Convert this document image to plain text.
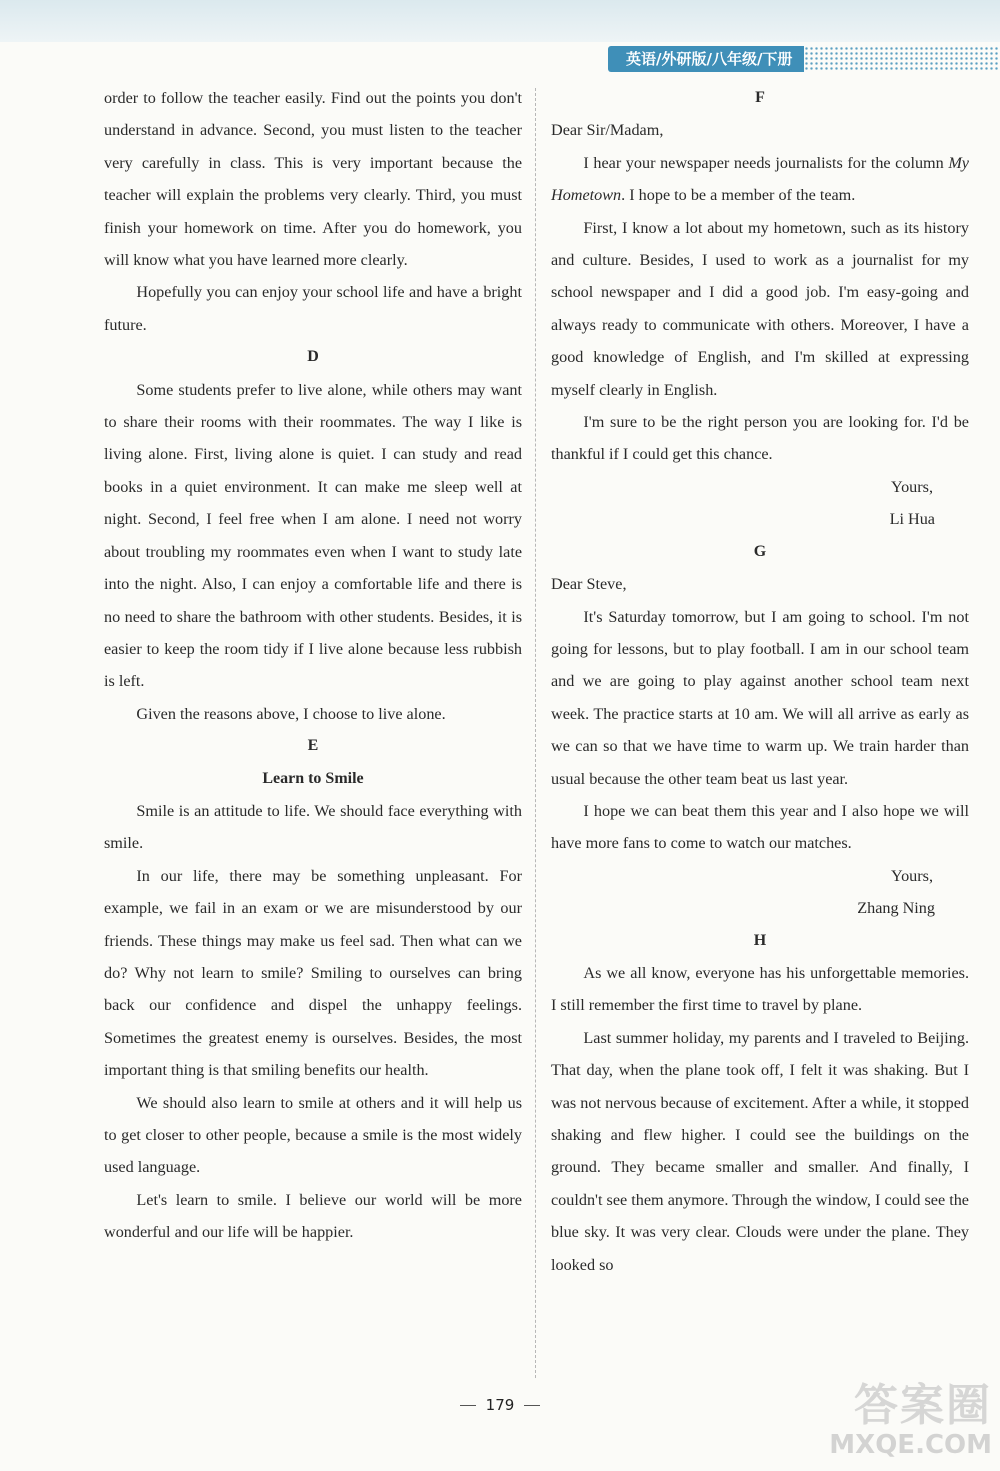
英语/外研版/八年级/下册

order to follow the teacher easily. Find out the points you don't understand in advance. Second, you must listen to the teacher very carefully in class. This is very important because the teacher will explain the problems very clearly. Third, you must finish your homework on time. After you do homework, you will know what you have learned more clearly.

Hopefully you can enjoy your school life and have a bright future.

D

Some students prefer to live alone, while others may want to share their rooms with their roommates. The way I like is living alone. First, living alone is quiet. I can study and read books in a quiet environment. It can make me sleep well at night. Second, I feel free when I am alone. I need not worry about troubling my roommates even when I want to study late into the night. Also, I can enjoy a comfortable life and there is no need to share the bathroom with other students. Besides, it is easier to keep the room tidy if I live alone because less rubbish is left.

Given the reasons above, I choose to live alone.

E

Learn to Smile

Smile is an attitude to life. We should face everything with smile.

In our life, there may be something unpleasant. For example, we fail in an exam or we are misunderstood by our friends. These things may make us feel sad. Then what can we do? Why not learn to smile? Smiling to ourselves can bring back our confidence and dispel the unhappy feelings. Sometimes the greatest enemy is ourselves. Besides, the most important thing is that smiling benefits our health.

We should also learn to smile at others and it will help us to get closer to other people, because a smile is the most widely used language.

Let's learn to smile. I believe our world will be more wonderful and our life will be happier.

F

Dear Sir/Madam,

I hear your newspaper needs journalists for the column My Hometown. I hope to be a member of the team.

First, I know a lot about my hometown, such as its history and culture. Besides, I used to work as a journalist for my school newspaper and I did a good job. I'm easy-going and always ready to communicate with others. Moreover, I have a good knowledge of English, and I'm skilled at expressing myself clearly in English.

I'm sure to be the right person you are looking for. I'd be thankful if I could get this chance.

Yours,

Li Hua

G

Dear Steve,

It's Saturday tomorrow, but I am going to school. I'm not going for lessons, but to play football. I am in our school team and we are going to play against another school team next week. The practice starts at 10 am. We will all arrive as early as we can so that we have time to warm up. We train harder than usual because the other team beat us last year.

I hope we can beat them this year and I also hope we will have more fans to come to watch our matches.

Yours,

Zhang Ning

H

As we all know, everyone has his unforgettable memories. I still remember the first time to travel by plane.

Last summer holiday, my parents and I traveled to Beijing. That day, when the plane took off, I felt it was shaking. But I was not nervous because of excitement. After a while, it stopped shaking and flew higher. I could see the buildings on the ground. They became smaller and smaller. And finally, I couldn't see them anymore. Through the window, I could see the blue sky. It was very clear. Clouds were under the plane. They looked so

179	答案圈
MXQE.COM
